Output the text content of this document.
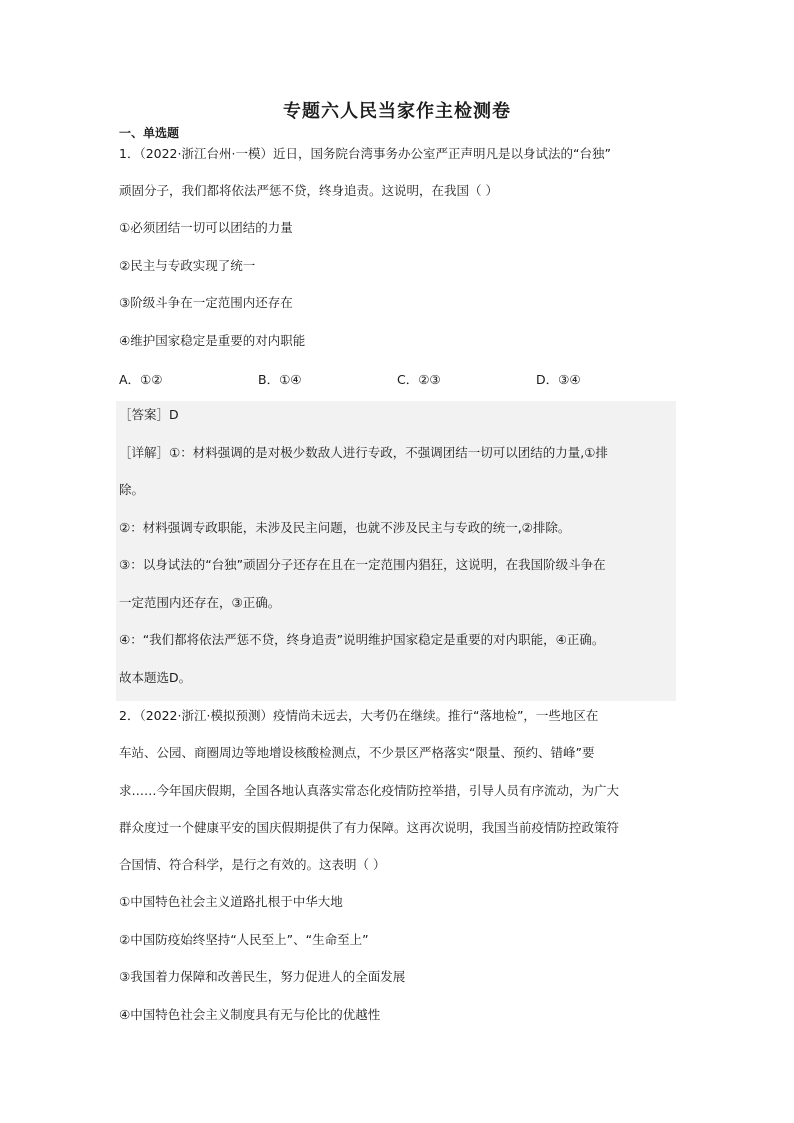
专题六人民当家作主检测卷
一、单选题
1．（2022·浙江台州·一模）近日，国务院台湾事务办公室严正声明凡是以身试法的“台独”
顽固分子，我们都将依法严惩不贷，终身追责。这说明，在我国（ ）
①必须团结一切可以团结的力量
②民主与专政实现了统一
③阶级斗争在一定范围内还存在
④维护国家稳定是重要的对内职能
A．①②	B．①④	C．②③	D．③④
［答案］D
［详解］①：材料强调的是对极少数敌人进行专政，不强调团结一切可以团结的力量,①排
除。
②：材料强调专政职能，未涉及民主问题，也就不涉及民主与专政的统一,②排除。
③：以身试法的“台独”顽固分子还存在且在一定范围内猖狂，这说明，在我国阶级斗争在
一定范围内还存在，③正确。
④：“我们都将依法严惩不贷，终身追责”说明维护国家稳定是重要的对内职能，④正确。
故本题选D。
2．（2022·浙江·模拟预测）疫情尚未远去，大考仍在继续。推行“落地检”，一些地区在
车站、公园、商圈周边等地增设核酸检测点，不少景区严格落实“限量、预约、错峰”要
求……今年国庆假期，全国各地认真落实常态化疫情防控举措，引导人员有序流动，为广大
群众度过一个健康平安的国庆假期提供了有力保障。这再次说明，我国当前疫情防控政策符
合国情、符合科学，是行之有效的。这表明（ ）
①中国特色社会主义道路扎根于中华大地
②中国防疫始终坚持“人民至上”、“生命至上”
③我国着力保障和改善民生，努力促进人的全面发展
④中国特色社会主义制度具有无与伦比的优越性
